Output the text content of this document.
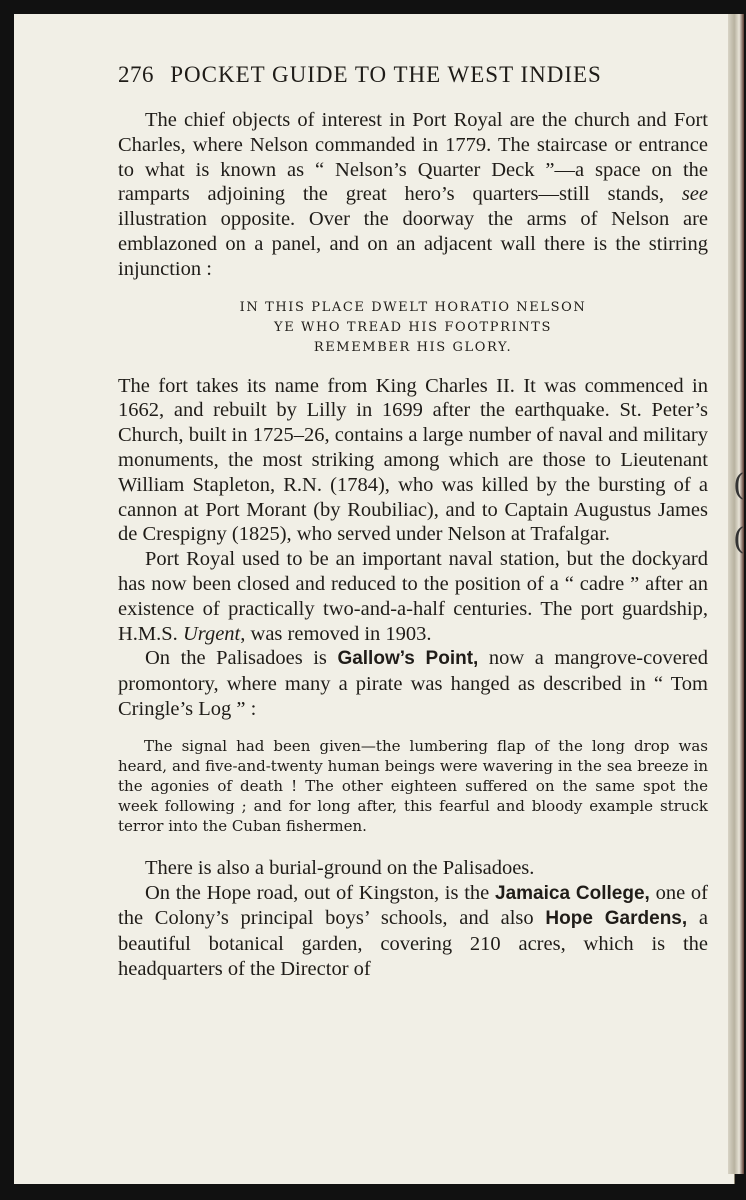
(
(
276 POCKET GUIDE TO THE WEST INDIES

The chief objects of interest in Port Royal are the church and Fort Charles, where Nelson commanded in 1779. The staircase or entrance to what is known as “ Nelson’s Quarter Deck ”—a space on the ramparts adjoining the great hero’s quarters—still stands, see illustration opposite. Over the doorway the arms of Nelson are emblazoned on a panel, and on an adjacent wall there is the stirring injunction :

IN THIS PLACE DWELT HORATIO NELSON
YE WHO TREAD HIS FOOTPRINTS
REMEMBER HIS GLORY.

The fort takes its name from King Charles II. It was commenced in 1662, and rebuilt by Lilly in 1699 after the earthquake. St. Peter’s Church, built in 1725–26, contains a large number of naval and military monuments, the most striking among which are those to Lieutenant William Stapleton, R.N. (1784), who was killed by the bursting of a cannon at Port Morant (by Roubiliac), and to Captain Augustus James de Crespigny (1825), who served under Nelson at Trafalgar.

Port Royal used to be an important naval station, but the dockyard has now been closed and reduced to the position of a “ cadre ” after an existence of practically two-and-a-half centuries. The port guardship, H.M.S. Urgent, was removed in 1903.

On the Palisadoes is Gallow’s Point, now a mangrove-covered promontory, where many a pirate was hanged as described in “ Tom Cringle’s Log ” :

The signal had been given—the lumbering flap of the long drop was heard, and five-and-twenty human beings were wavering in the sea breeze in the agonies of death ! The other eighteen suffered on the same spot the week following ; and for long after, this fearful and bloody example struck terror into the Cuban fishermen.

There is also a burial-ground on the Palisadoes.

On the Hope road, out of Kingston, is the Jamaica College, one of the Colony’s principal boys’ schools, and also Hope Gardens, a beautiful botanical garden, covering 210 acres, which is the headquarters of the Director of
